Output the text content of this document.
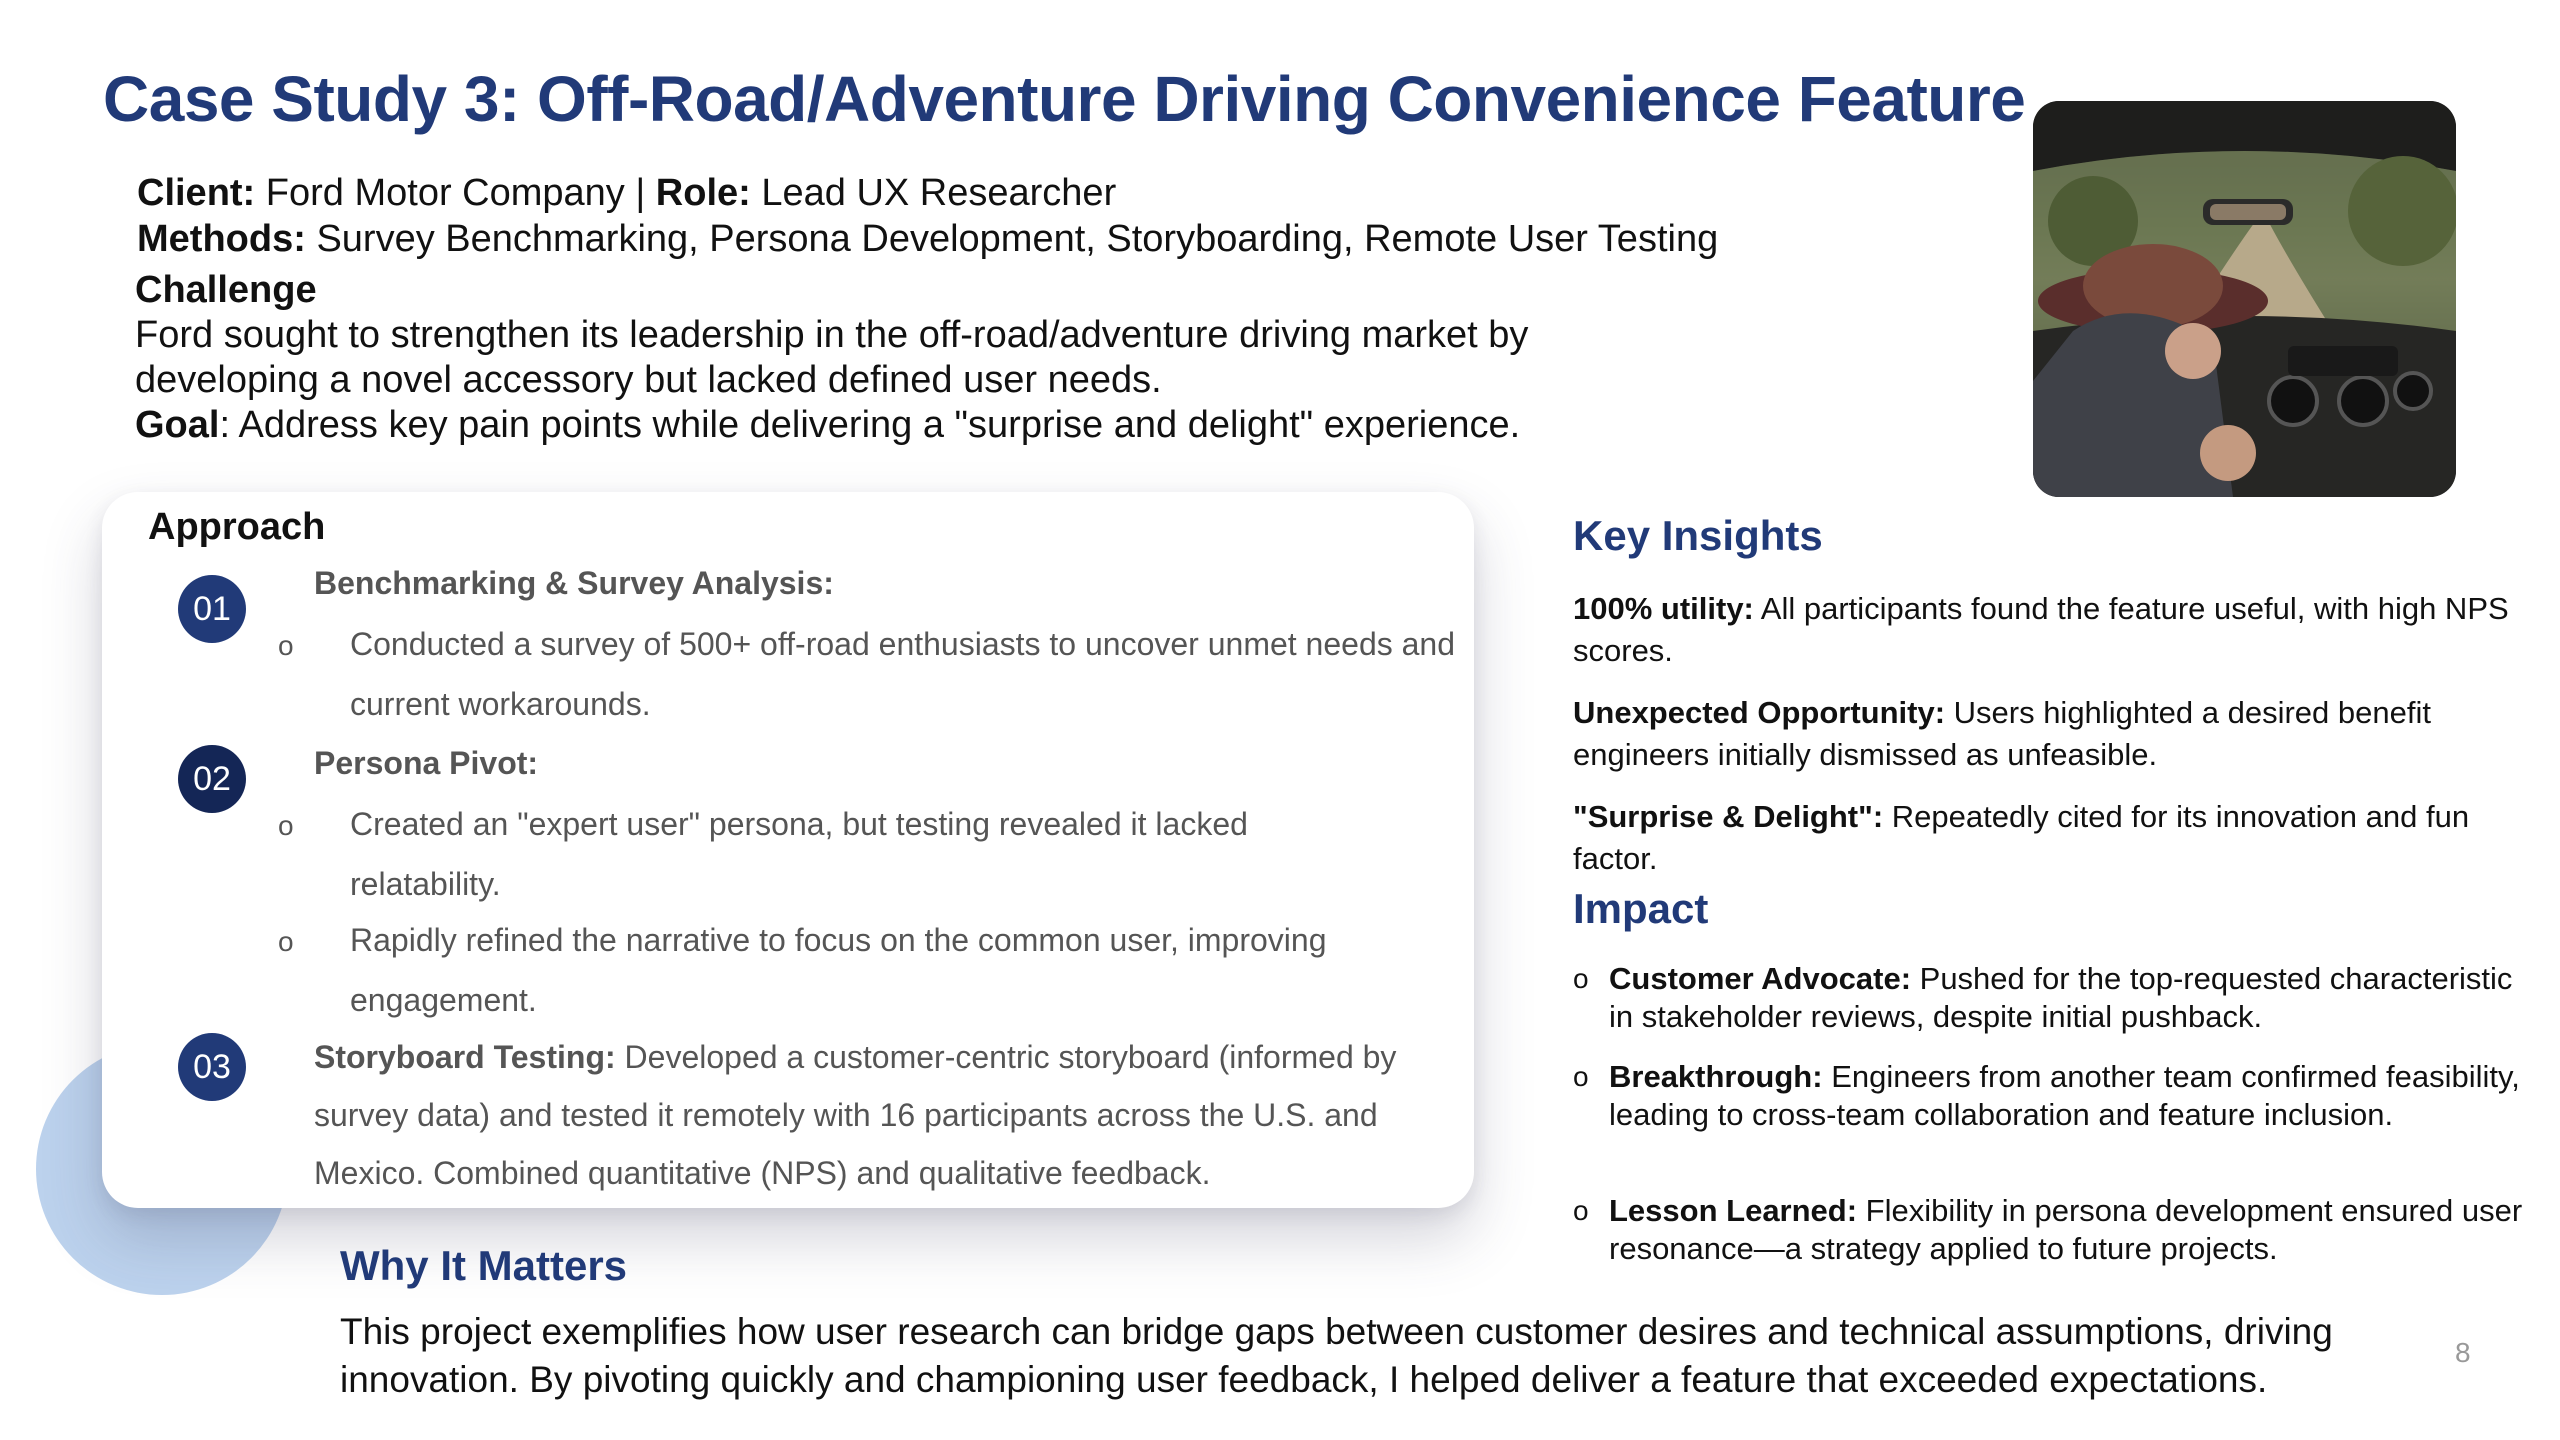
Case Study 3: Off-Road/Adventure Driving Convenience Feature
Client: Ford Motor Company | Role: Lead UX Researcher
Methods: Survey Benchmarking, Persona Development, Storyboarding, Remote User Testing
Challenge
Ford sought to strengthen its leadership in the off-road/adventure driving market by developing a novel accessory but lacked defined user needs.
Goal: Address key pain points while delivering a "surprise and delight" experience.
Approach
01
Benchmarking & Survey Analysis:
o Conducted a survey of 500+ off-road enthusiasts to uncover unmet needs and current workarounds.
02	Persona Pivot:
o Created an "expert user" persona, but testing revealed it lacked relatability.
o Rapidly refined the narrative to focus on the common user, improving engagement.
03	Storyboard Testing: Developed a customer-centric storyboard (informed by survey data) and tested it remotely with 16 participants across the U.S. and Mexico. Combined quantitative (NPS) and qualitative feedback.
Key Insights
100% utility: All participants found the feature useful, with high NPS scores.
Unexpected Opportunity: Users highlighted a desired benefit engineers initially dismissed as unfeasible.
"Surprise & Delight": Repeatedly cited for its innovation and fun factor.
Impact
o Customer Advocate: Pushed for the top-requested characteristic in stakeholder reviews, despite initial pushback.
o Breakthrough: Engineers from another team confirmed feasibility, leading to cross-team collaboration and feature inclusion.
o Lesson Learned: Flexibility in persona development ensured user resonance—a strategy applied to future projects.
Why It Matters
This project exemplifies how user research can bridge gaps between customer desires and technical assumptions, driving innovation. By pivoting quickly and championing user feedback, I helped deliver a feature that exceeded expectations.
8
